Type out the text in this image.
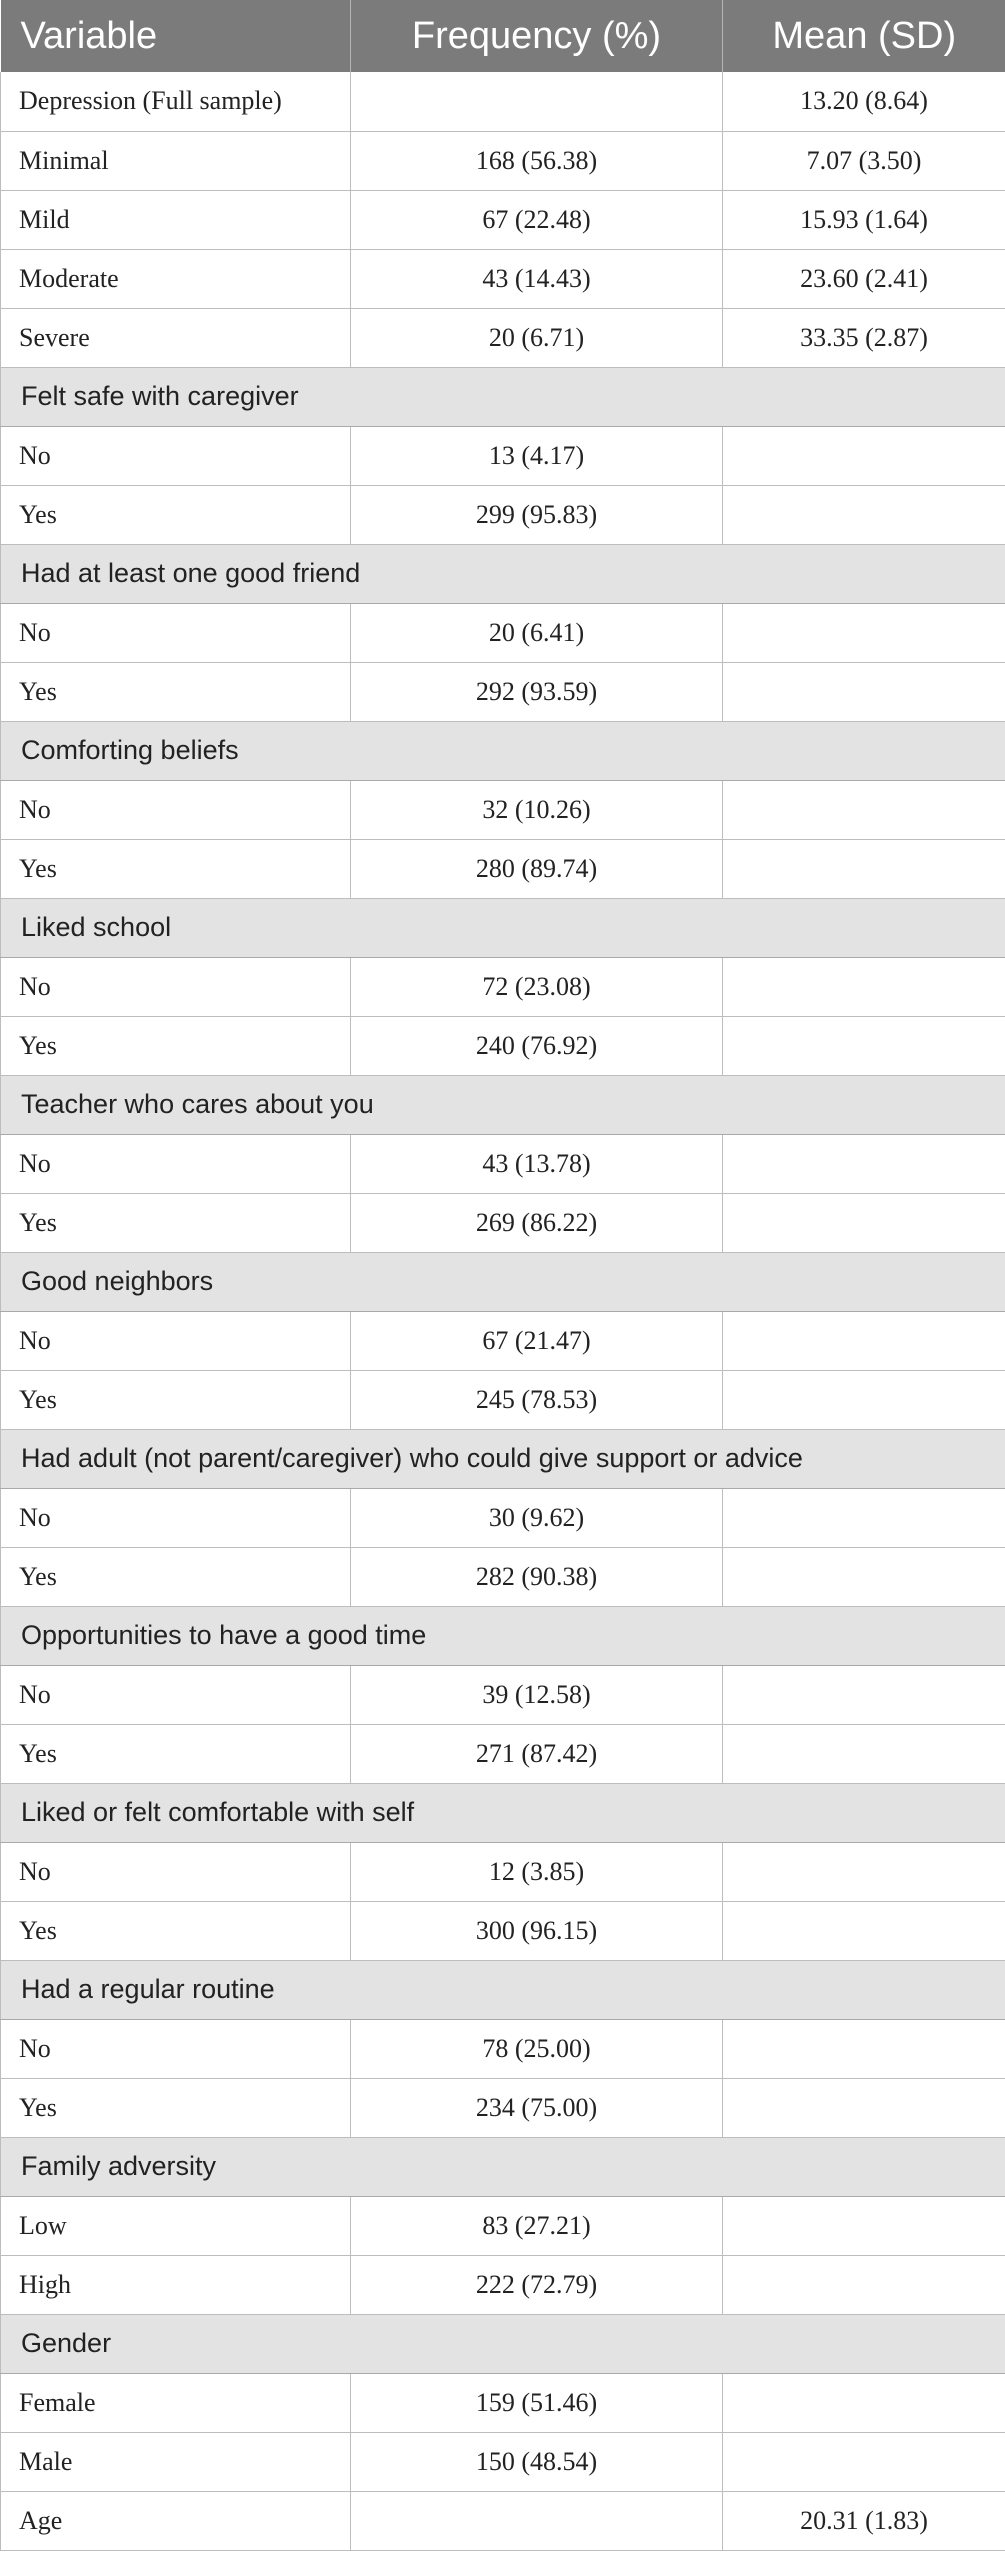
Variable	Frequency (%)	Mean (SD)
Depression (Full sample)		13.20 (8.64)
Minimal	168 (56.38)	7.07 (3.50)
Mild	67 (22.48)	15.93 (1.64)
Moderate	43 (14.43)	23.60 (2.41)
Severe	20 (6.71)	33.35 (2.87)
Felt safe with caregiver		
No	13 (4.17)	
Yes	299 (95.83)	
Had at least one good friend		
No	20 (6.41)	
Yes	292 (93.59)	
Comforting beliefs		
No	32 (10.26)	
Yes	280 (89.74)	
Liked school		
No	72 (23.08)	
Yes	240 (76.92)	
Teacher who cares about you		
No	43 (13.78)	
Yes	269 (86.22)	
Good neighbors		
No	67 (21.47)	
Yes	245 (78.53)	
Had adult (not parent/caregiver) who could give support or advice		
No	30 (9.62)	
Yes	282 (90.38)	
Opportunities to have a good time		
No	39 (12.58)	
Yes	271 (87.42)	
Liked or felt comfortable with self		
No	12 (3.85)	
Yes	300 (96.15)	
Had a regular routine		
No	78 (25.00)	
Yes	234 (75.00)	
Family adversity		
Low	83 (27.21)	
High	222 (72.79)	
Gender		
Female	159 (51.46)	
Male	150 (48.54)	
Age		20.31 (1.83)
